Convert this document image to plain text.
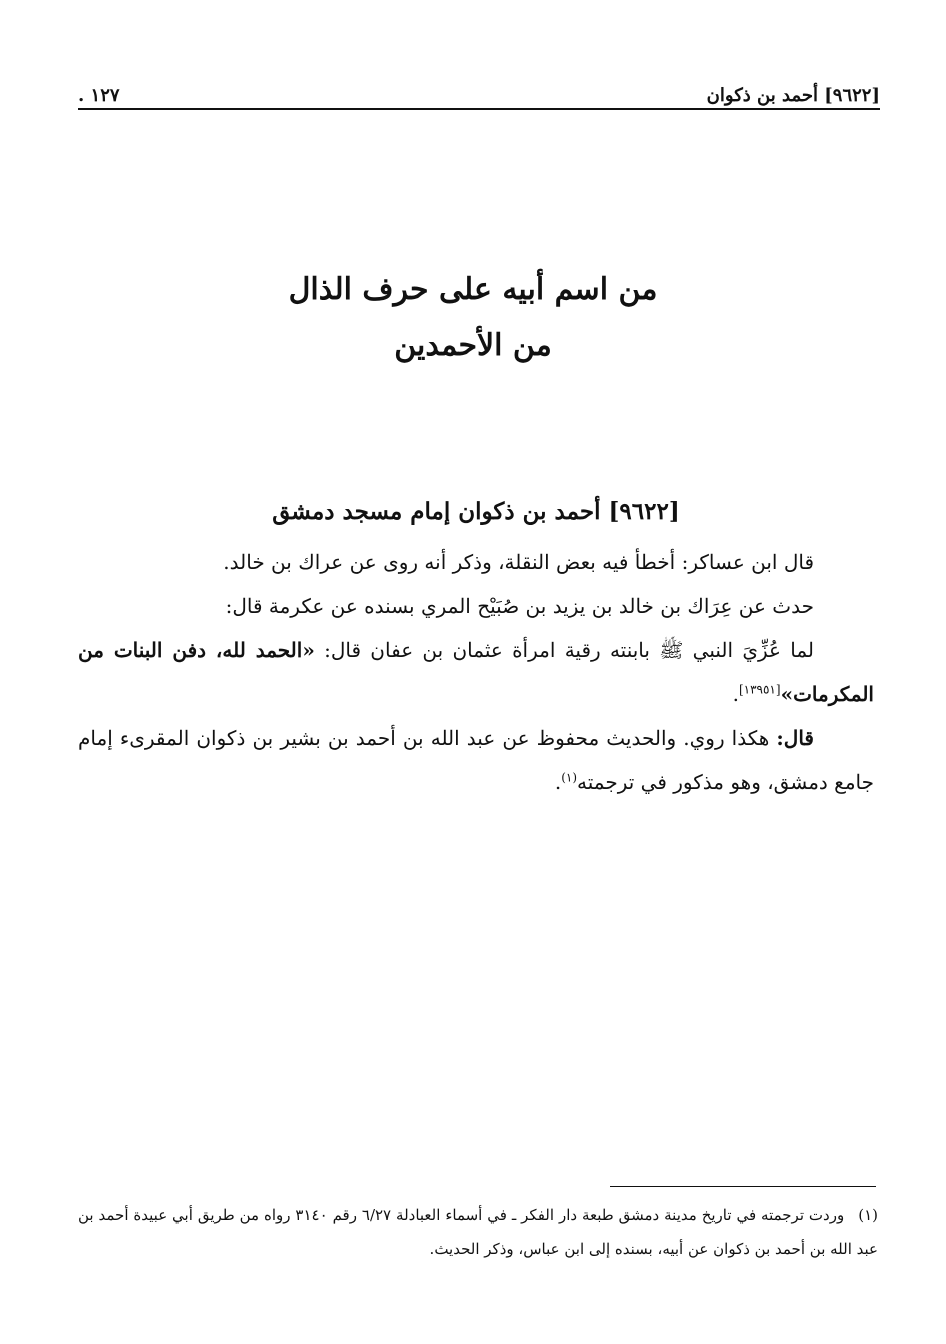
[٩٦٢٢] أحمد بن ذكوان
١٢٧ .
من اسم أبيه على حرف الذال
من الأحمدين
[٩٦٢٢] أحمد بن ذكوان إمام مسجد دمشق

قال ابن عساكر: أخطأ فيه بعض النقلة، وذكر أنه روى عن عراك بن خالد.

حدث عن عِرَاك بن خالد بن يزيد بن صُبَيْح المري بسنده عن عكرمة قال:

لما عُزِّيَ النبي ﷺ بابنته رقية امرأة عثمان بن عفان قال: «الحمد لله، دفن البنات من المكرمات»[١٣٩٥١].

قال: هكذا روي. والحديث محفوظ عن عبد الله بن أحمد بن بشير بن ذكوان المقرىء إمام جامع دمشق، وهو مذكور في ترجمته$^{(١)}$.

(١)وردت ترجمته في تاريخ مدينة دمشق طبعة دار الفكر ـ في أسماء العبادلة ٦/٢٧ رقم ٣١٤٠ رواه من طريق أبي عبيدة أحمد بن عبد الله بن أحمد بن ذكوان عن أبيه، بسنده إلى ابن عباس، وذكر الحديث.
